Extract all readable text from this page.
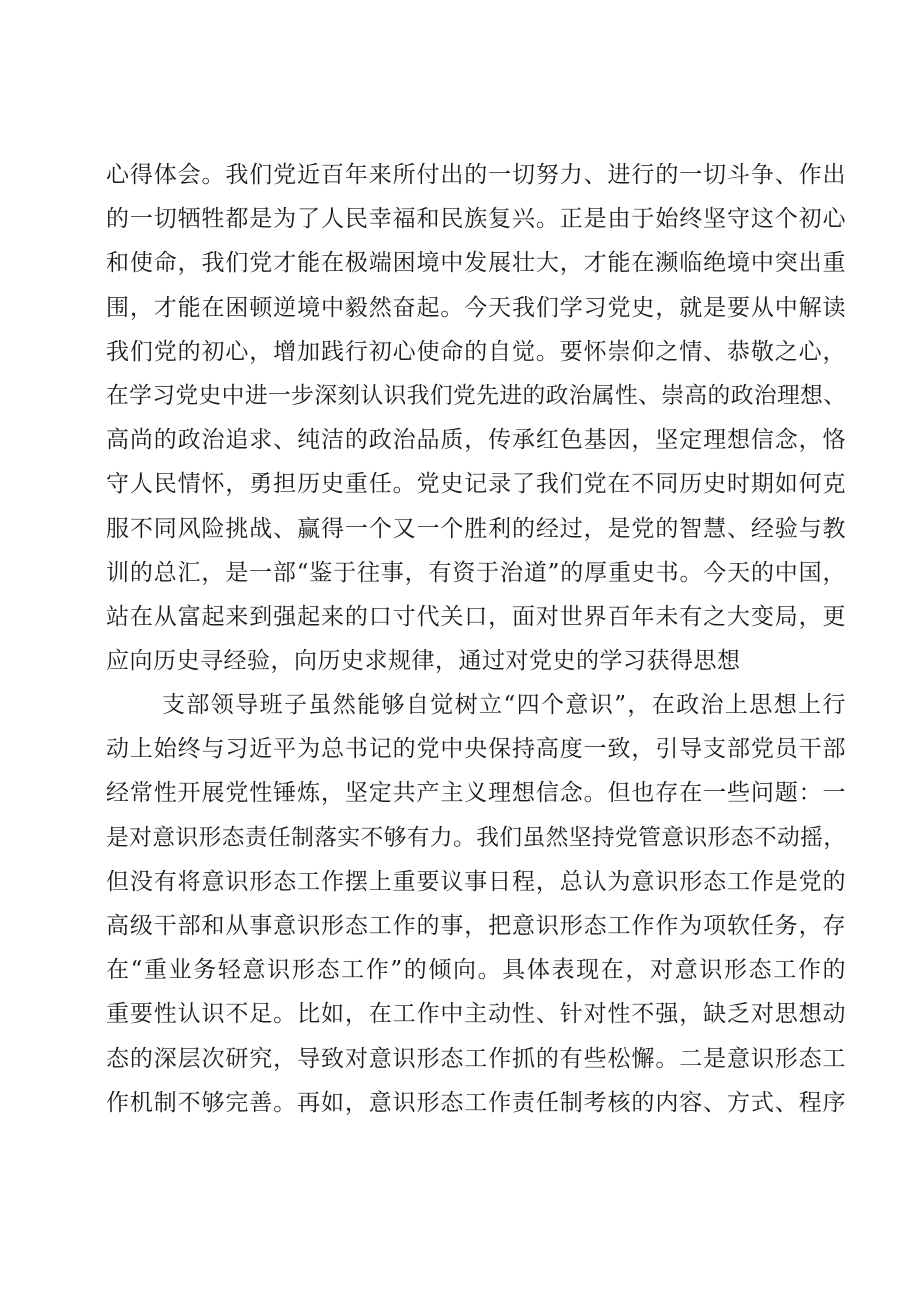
心得体会。我们党近百年来所付出的一切努力、进行的一切斗争、作出
的一切牺牲都是为了人民幸福和民族复兴。正是由于始终坚守这个初心
和使命，我们党才能在极端困境中发展壮大，才能在濒临绝境中突出重
围，才能在困顿逆境中毅然奋起。今天我们学习党史，就是要从中解读
我们党的初心，增加践行初心使命的自觉。要怀崇仰之情、恭敬之心，
在学习党史中进一步深刻认识我们党先进的政治属性、崇高的政治理想、
高尚的政治追求、纯洁的政治品质，传承红色基因，坚定理想信念，恪
守人民情怀，勇担历史重任。党史记录了我们党在不同历史时期如何克
服不同风险挑战、赢得一个又一个胜利的经过，是党的智慧、经验与教
训的总汇，是一部“鉴于往事，有资于治道”的厚重史书。今天的中国，
站在从富起来到强起来的口寸代关口，面对世界百年未有之大变局，更
应向历史寻经验，向历史求规律，通过对党史的学习获得思想
支部领导班子虽然能够自觉树立“四个意识”，在政治上思想上行
动上始终与习近平为总书记的党中央保持高度一致，引导支部党员干部
经常性开展党性锤炼，坚定共产主义理想信念。但也存在一些问题：一
是对意识形态责任制落实不够有力。我们虽然坚持党管意识形态不动摇，
但没有将意识形态工作摆上重要议事日程，总认为意识形态工作是党的
高级干部和从事意识形态工作的事，把意识形态工作作为项软任务，存
在“重业务轻意识形态工作”的倾向。具体表现在，对意识形态工作的
重要性认识不足。比如，在工作中主动性、针对性不强，缺乏对思想动
态的深层次研究，导致对意识形态工作抓的有些松懈。二是意识形态工
作机制不够完善。再如，意识形态工作责任制考核的内容、方式、程序
